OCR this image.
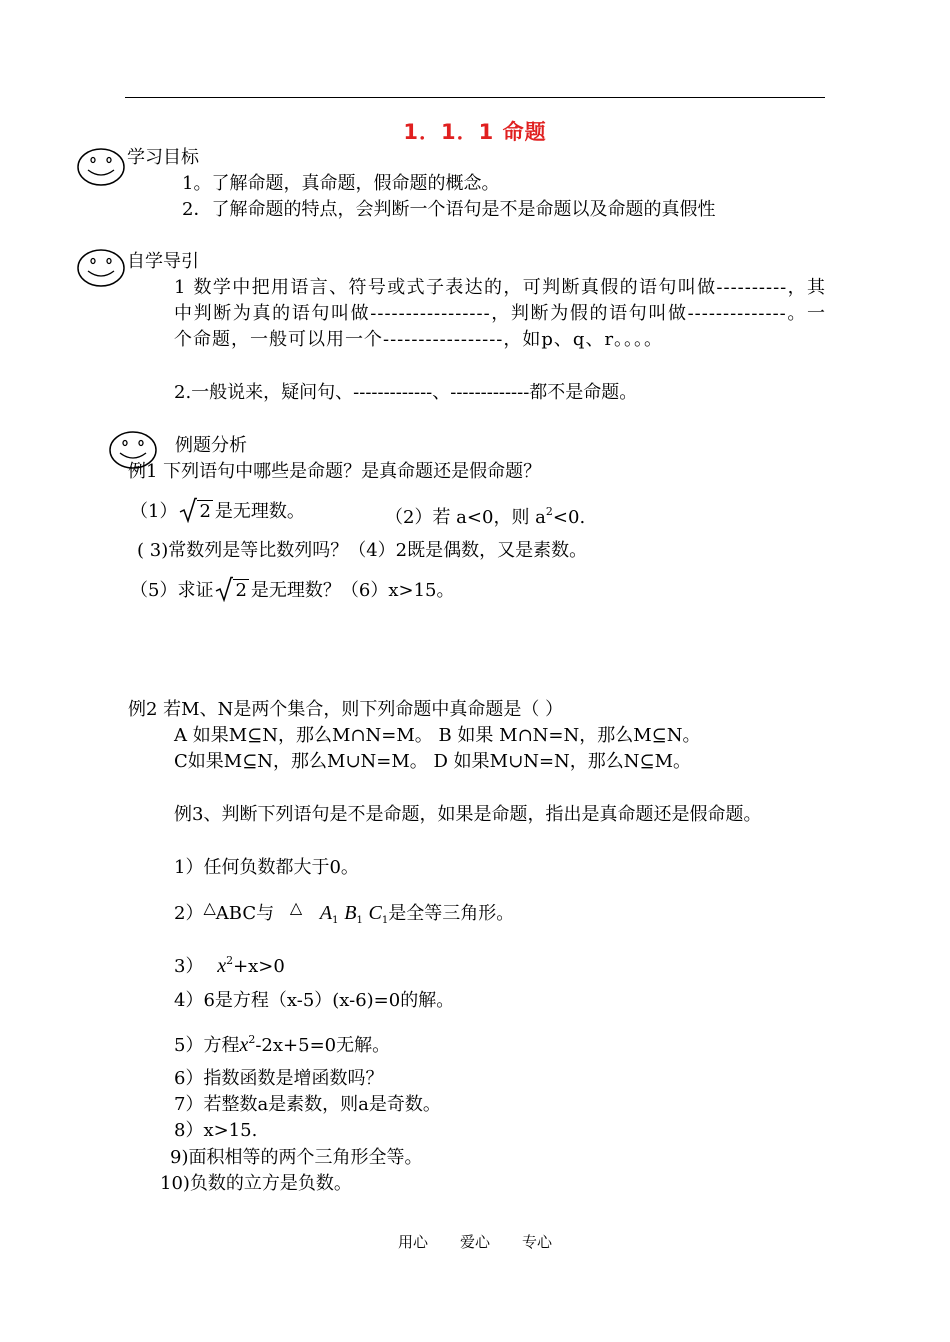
1．1．1 命题
学习目标
1。了解命题，真命题，假命题的概念。
2．了解命题的特点，会判断一个语句是不是命题以及命题的真假性
自学导引
1 数学中把用语言、符号或式子表达的，可判断真假的语句叫做----------，其中判断为真的语句叫做-----------------，判断为假的语句叫做--------------。一个命题，一般可以用一个-----------------，如p、q、r。。。。
2.一般说来，疑问句、-------------、-------------都不是命题。
例题分析
例1 下列语句中哪些是命题？是真命题还是假命题？
（1） 2 是无理数。	（2）若 a<0，则 $a^2<0$.
( 3)常数列是等比数列吗？（4）2既是偶数，又是素数。
（5）求证 2 是无理数？（6）x>15。
例2 若M、N是两个集合，则下列命题中真命题是（ ）
A 如果M⊆N，那么M∩N=M。 B 如果 M∩N=N，那么M⊆N。
C如果M⊆N，那么M∪N=M。 D 如果M∪N=N，那么N⊆M。
例3、判断下列语句是不是命题，如果是命题，指出是真命题还是假命题。
1）任何负数都大于0。
2）△ABC与 △ $A_1$ $B_1$ $C_1$是全等三角形。
3） $x^2+x>0$
4）6是方程（x-5）(x-6)=0的解。
5）方程$x^2-2x+5=0$无解。
6）指数函数是增函数吗？
7）若整数a是素数，则a是奇数。
8）x>15.
9)面积相等的两个三角形全等。
10)负数的立方是负数。
用心 爱心 专心
